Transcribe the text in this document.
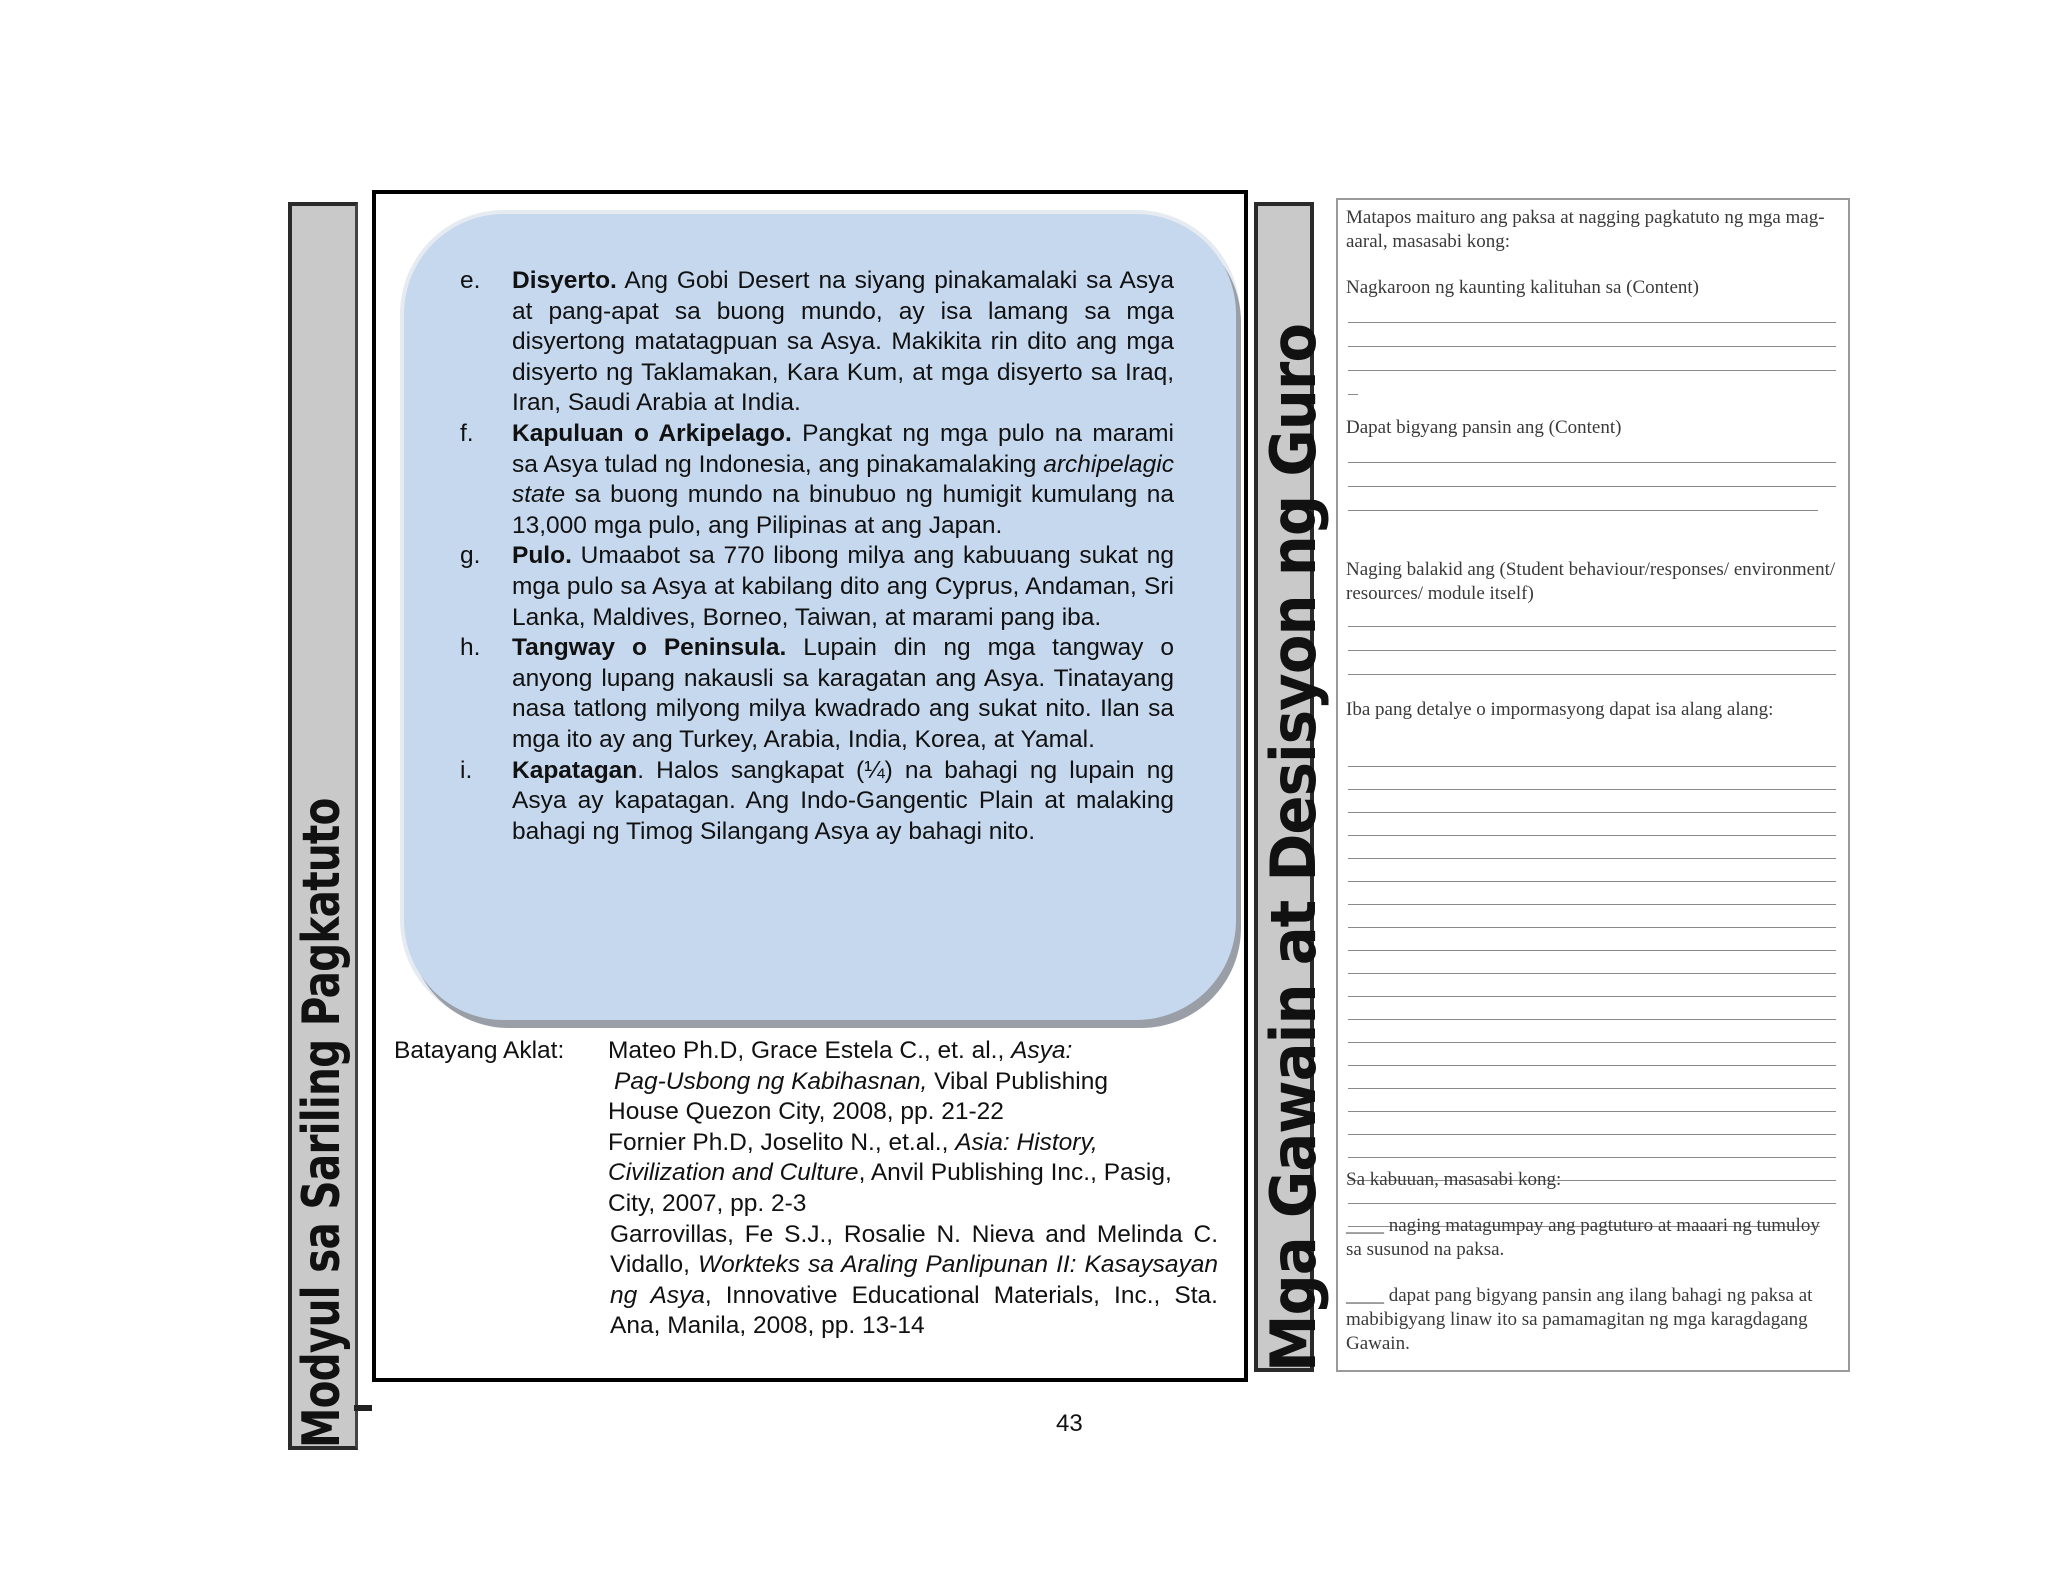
Modyul sa Sariling Pagkatuto
e.	Disyerto. Ang Gobi Desert na siyang pinakamalaki sa Asya at pang-apat sa buong mundo, ay isa lamang sa mga disyertong matatagpuan sa Asya. Makikita rin dito ang mga disyerto ng Taklamakan, Kara Kum, at mga disyerto sa Iraq, Iran, Saudi Arabia at India.
f.	Kapuluan o Arkipelago. Pangkat ng mga pulo na marami sa Asya tulad ng Indonesia, ang pinakamalaking archipelagic state sa buong mundo na binubuo ng humigit kumulang na 13,000 mga pulo, ang Pilipinas at ang Japan.
g.	Pulo. Umaabot sa 770 libong milya ang kabuuang sukat ng mga pulo sa Asya at kabilang dito ang Cyprus, Andaman, Sri Lanka, Maldives, Borneo, Taiwan, at marami pang iba.
h.	Tangway o Peninsula. Lupain din ng mga tangway o anyong lupang nakausli sa karagatan ang Asya. Tinatayang nasa tatlong milyong milya kwadrado ang sukat nito. Ilan sa mga ito ay ang Turkey, Arabia, India, Korea, at Yamal.
i.	Kapatagan. Halos sangkapat (¼) na bahagi ng lupain ng Asya ay kapatagan. Ang Indo-Gangentic Plain at malaking bahagi ng Timog Silangang Asya ay bahagi nito.
Batayang Aklat: Mateo Ph.D, Grace Estela C., et. al., Asya:
Pag-Usbong ng Kabihasnan, Vibal Publishing
House Quezon City, 2008, pp. 21-22
Fornier Ph.D, Joselito N., et.al., Asia: History,
Civilization and Culture, Anvil Publishing Inc., Pasig,
City, 2007, pp. 2-3
Garrovillas, Fe S.J., Rosalie N. Nieva and Melinda C. Vidallo, Workteks sa Araling Panlipunan II: Kasaysayan ng Asya, Innovative Educational Materials, Inc., Sta. Ana, Manila, 2008, pp. 13-14
43
Mga Gawain at Desisyon ng Guro
Matapos maituro ang paksa at nagging pagkatuto ng mga mag-aaral, masasabi kong:
Nagkaroon ng kaunting kalituhan sa (Content)
Dapat bigyang pansin ang (Content)
Naging balakid ang (Student behaviour/responses/ environment/ resources/ module itself)
Iba pang detalye o impormasyong dapat isa alang alang:
Sa kabuuan, masasabi kong:
____ naging matagumpay ang pagtuturo at maaari ng tumuloy sa susunod na paksa.
____ dapat pang bigyang pansin ang ilang bahagi ng paksa at mabibigyang linaw ito sa pamamagitan ng mga karagdagang Gawain.
